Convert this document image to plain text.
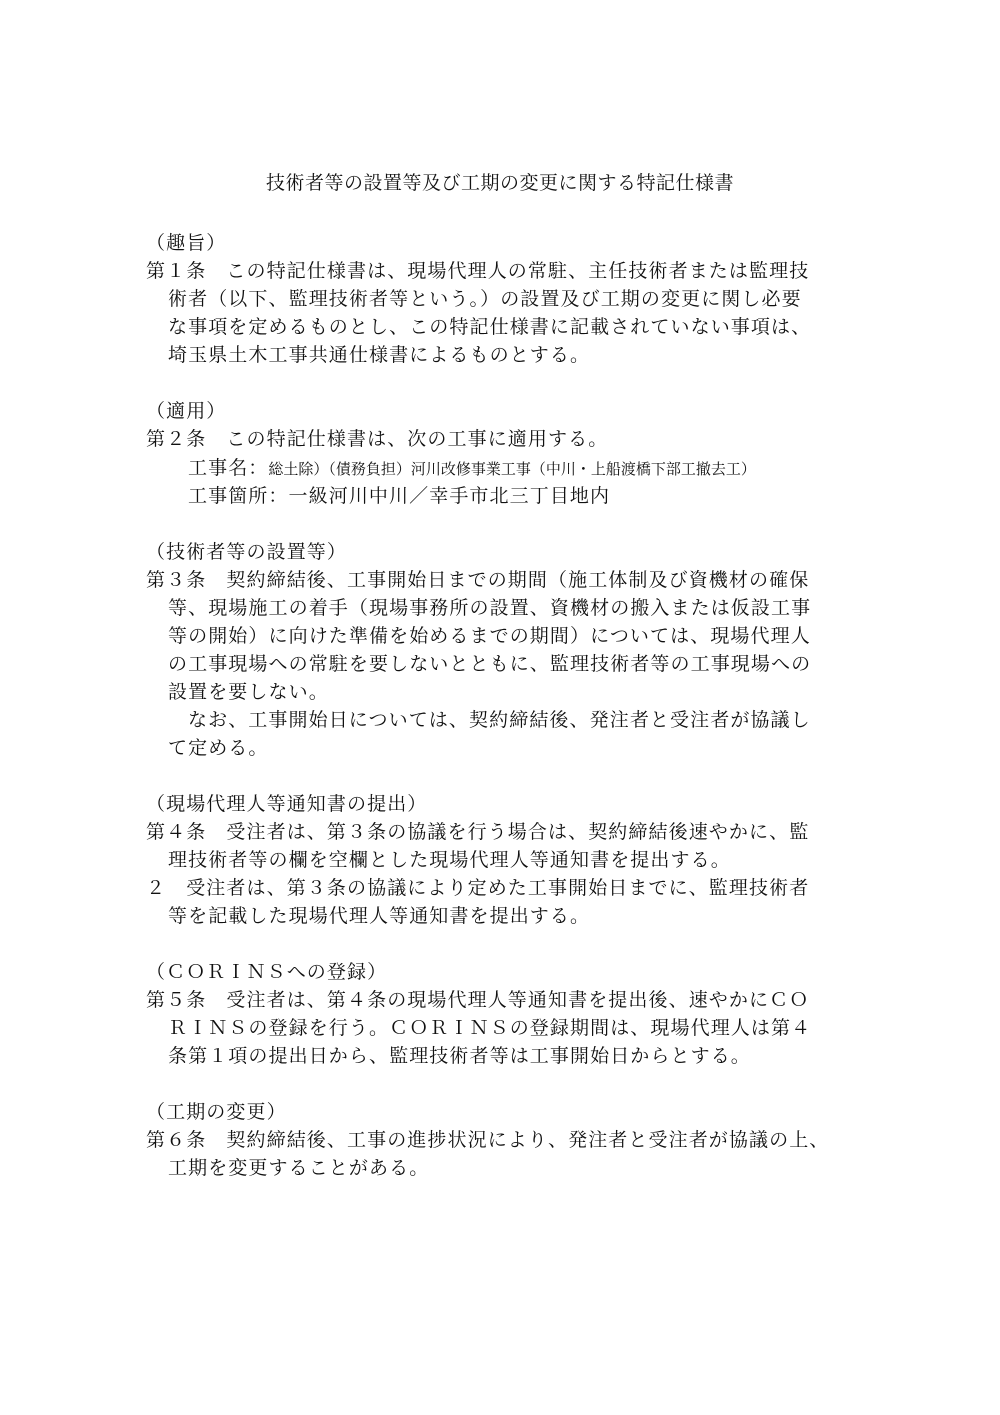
技術者等の設置等及び工期の変更に関する特記仕様書
（趣旨）
第１条　この特記仕様書は、現場代理人の常駐、主任技術者または監理技
術者（以下、監理技術者等という。）の設置及び工期の変更に関し必要
な事項を定めるものとし、この特記仕様書に記載されていない事項は、
埼玉県土木工事共通仕様書によるものとする。
（適用）
第２条　この特記仕様書は、次の工事に適用する。
工事名：総土除）（債務負担）河川改修事業工事（中川・上船渡橋下部工撤去工）
工事箇所：一級河川中川／幸手市北三丁目地内
（技術者等の設置等）
第３条　契約締結後、工事開始日までの期間（施工体制及び資機材の確保
等、現場施工の着手（現場事務所の設置、資機材の搬入または仮設工事
等の開始）に向けた準備を始めるまでの期間）については、現場代理人
の工事現場への常駐を要しないとともに、監理技術者等の工事現場への
設置を要しない。
なお、工事開始日については、契約締結後、発注者と受注者が協議し
て定める。
（現場代理人等通知書の提出）
第４条　受注者は、第３条の協議を行う場合は、契約締結後速やかに、監
理技術者等の欄を空欄とした現場代理人等通知書を提出する。
２　受注者は、第３条の協議により定めた工事開始日までに、監理技術者
等を記載した現場代理人等通知書を提出する。
（ＣＯＲＩＮＳへの登録）
第５条　受注者は、第４条の現場代理人等通知書を提出後、速やかにＣＯ
ＲＩＮＳの登録を行う。ＣＯＲＩＮＳの登録期間は、現場代理人は第４
条第１項の提出日から、監理技術者等は工事開始日からとする。
（工期の変更）
第６条　契約締結後、工事の進捗状況により、発注者と受注者が協議の上、
工期を変更することがある。
